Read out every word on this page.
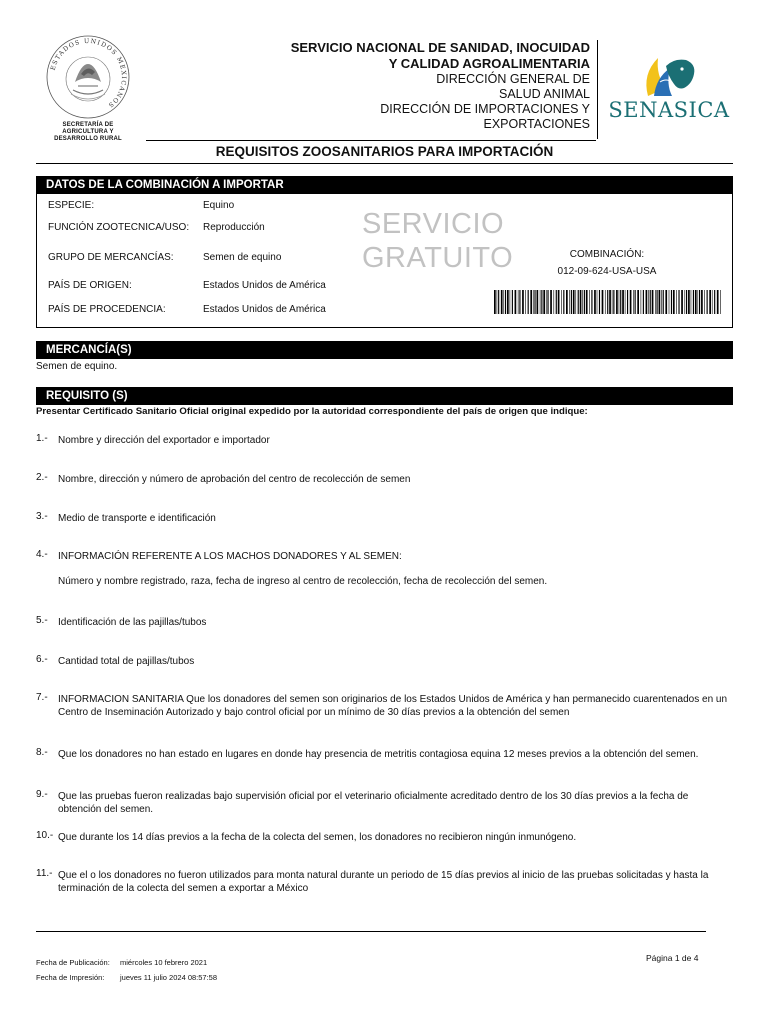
ESTADOS UNIDOS MEXICANOS
SECRETARÍA DE
AGRICULTURA Y
DESARROLLO RURAL
SERVICIO NACIONAL DE SANIDAD, INOCUIDAD
Y CALIDAD AGROALIMENTARIA
DIRECCIÓN GENERAL DE
SALUD ANIMAL
DIRECCIÓN DE IMPORTACIONES Y
EXPORTACIONES
SENASICA
REQUISITOS ZOOSANITARIOS PARA IMPORTACIÓN
DATOS DE LA COMBINACIÓN A IMPORTAR
ESPECIE:	Equino
FUNCIÓN ZOOTECNICA/USO:	Reproducción
GRUPO DE MERCANCÍAS:	Semen de equino
PAÍS DE ORIGEN:	Estados Unidos de América
PAÍS DE PROCEDENCIA:	Estados Unidos de América
SERVICIO
GRATUITO	COMBINACIÓN:
012-09-624-USA-USA
MERCANCÍA(S)
Semen de equino.
REQUISITO (S)
Presentar Certificado Sanitario Oficial original expedido por la autoridad correspondiente del país de origen que indique:
1.-	Nombre y dirección del exportador e importador
2.-	Nombre, dirección y número de aprobación del centro de recolección de semen
3.-	Medio de transporte e identificación
4.-	INFORMACIÓN REFERENTE A LOS MACHOS DONADORES Y AL SEMEN:
Número y nombre registrado, raza, fecha de ingreso al centro de recolección, fecha de recolección del semen.
5.-	Identificación de las pajillas/tubos
6.-	Cantidad total de pajillas/tubos
7.-	INFORMACION SANITARIA Que los donadores del semen son originarios de los Estados Unidos de América y han permanecido cuarentenados en un Centro de Inseminación Autorizado y bajo control oficial por un mínimo de 30 días previos a la obtención del semen
8.-	Que los donadores no han estado en lugares en donde hay presencia de metritis contagiosa equina 12 meses previos a la obtención del semen.
9.-	Que las pruebas fueron realizadas bajo supervisión oficial por el veterinario oficialmente acreditado dentro de los 30 días previos a la fecha de obtención del semen.
10.- Que durante los 14 días previos a la fecha de la colecta del semen, los donadores no recibieron ningún inmunógeno.
11.- Que el o los donadores no fueron utilizados para monta natural durante un periodo de 15 días previos al inicio de las pruebas solicitadas y hasta la terminación de la colecta del semen a exportar a México
Fecha de Publicación: miércoles 10 febrero 2021
Fecha de Impresión: jueves 11 julio 2024 08:57:58
Página 1 de 4
